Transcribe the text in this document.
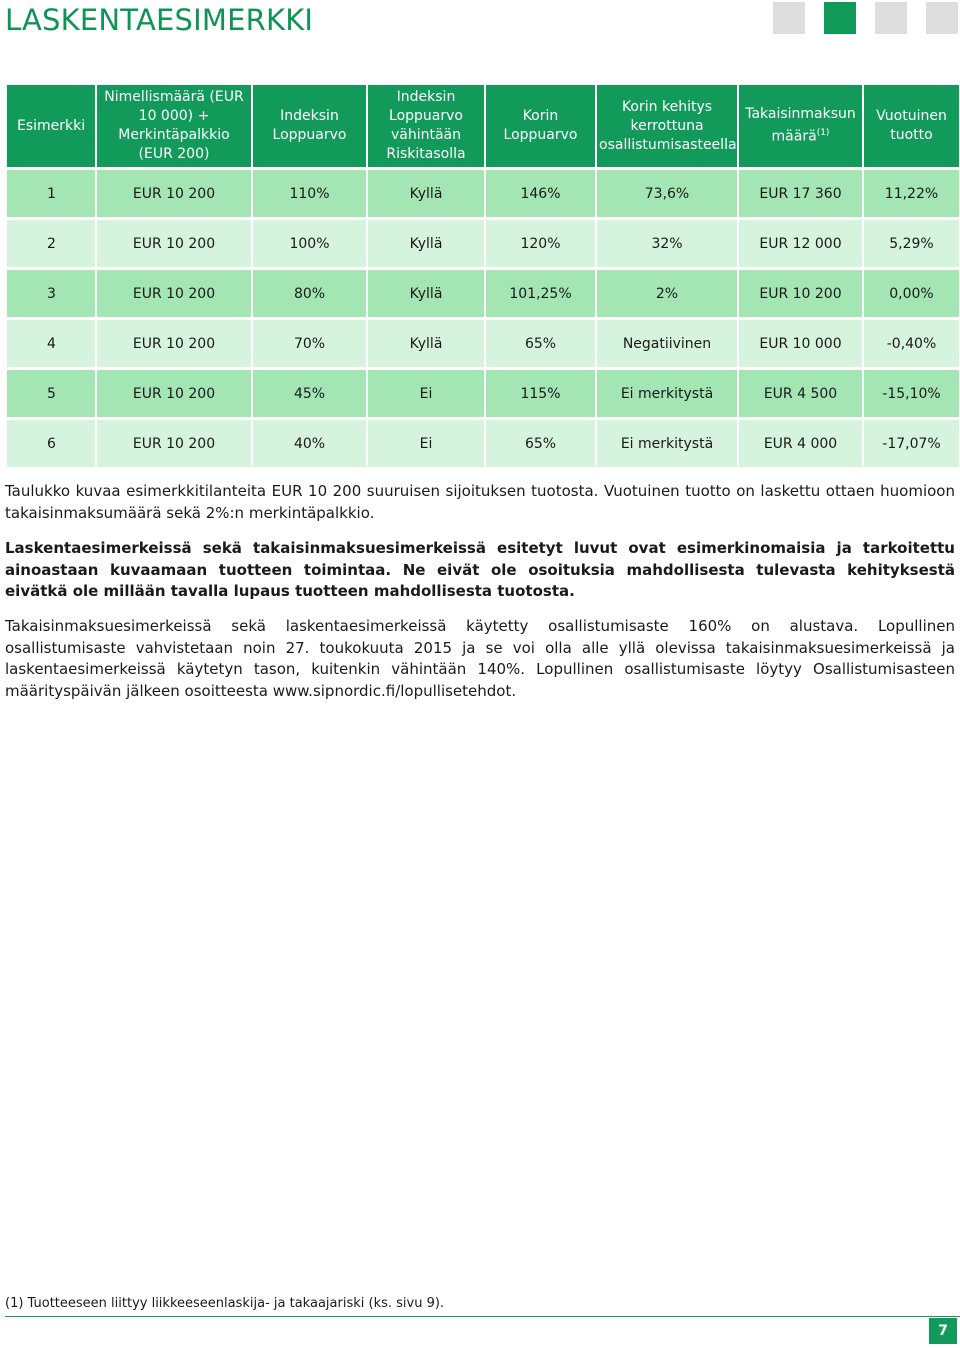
LASKENTAESIMERKKI
Esimerkki	Nimellismäärä (EUR 10 000) + Merkintäpalkkio (EUR 200)	Indeksin Loppuarvo	Indeksin Loppuarvo vähintään Riskitasolla	Korin Loppuarvo	Korin kehitys kerrottuna osallistumisasteella	Takaisinmaksun määrä$^{(1)}$	Vuotuinen tuotto
1	EUR 10 200	110%	Kyllä	146%	73,6%	EUR 17 360	11,22%
2	EUR 10 200	100%	Kyllä	120%	32%	EUR 12 000	5,29%
3	EUR 10 200	80%	Kyllä	101,25%	2%	EUR 10 200	0,00%
4	EUR 10 200	70%	Kyllä	65%	Negatiivinen	EUR 10 000	-0,40%
5	EUR 10 200	45%	Ei	115%	Ei merkitystä	EUR 4 500	-15,10%
6	EUR 10 200	40%	Ei	65%	Ei merkitystä	EUR 4 000	-17,07%
Taulukko kuvaa esimerkkitilanteita EUR 10 200 suuruisen sijoituksen tuotosta. Vuotuinen tuotto on laskettu ottaen huomioon takaisinmaksumäärä sekä 2%:n merkintäpalkkio.
Laskentaesimerkeissä sekä takaisinmaksuesimerkeissä esitetyt luvut ovat esimerkinomaisia ja tarkoitettu ainoastaan kuvaamaan tuotteen toimintaa. Ne eivät ole osoituksia mahdollisesta tulevasta kehityksestä eivätkä ole millään tavalla lupaus tuotteen mahdollisesta tuotosta.
Takaisinmaksuesimerkeissä sekä laskentaesimerkeissä käytetty osallistumisaste 160% on alustava. Lopullinen osallistumisaste vahvistetaan noin 27. toukokuuta 2015 ja se voi olla alle yllä olevissa takaisinmaksuesimerkeissä ja laskentaesimerkeissä käytetyn tason, kuitenkin vähintään 140%. Lopullinen osallistumisaste löytyy Osallistumisasteen määrityspäivän jälkeen osoitteesta www.sipnordic.fi/lopullisetehdot.
(1) Tuotteeseen liittyy liikkeeseenlaskija- ja takaajariski (ks. sivu 9).
7
